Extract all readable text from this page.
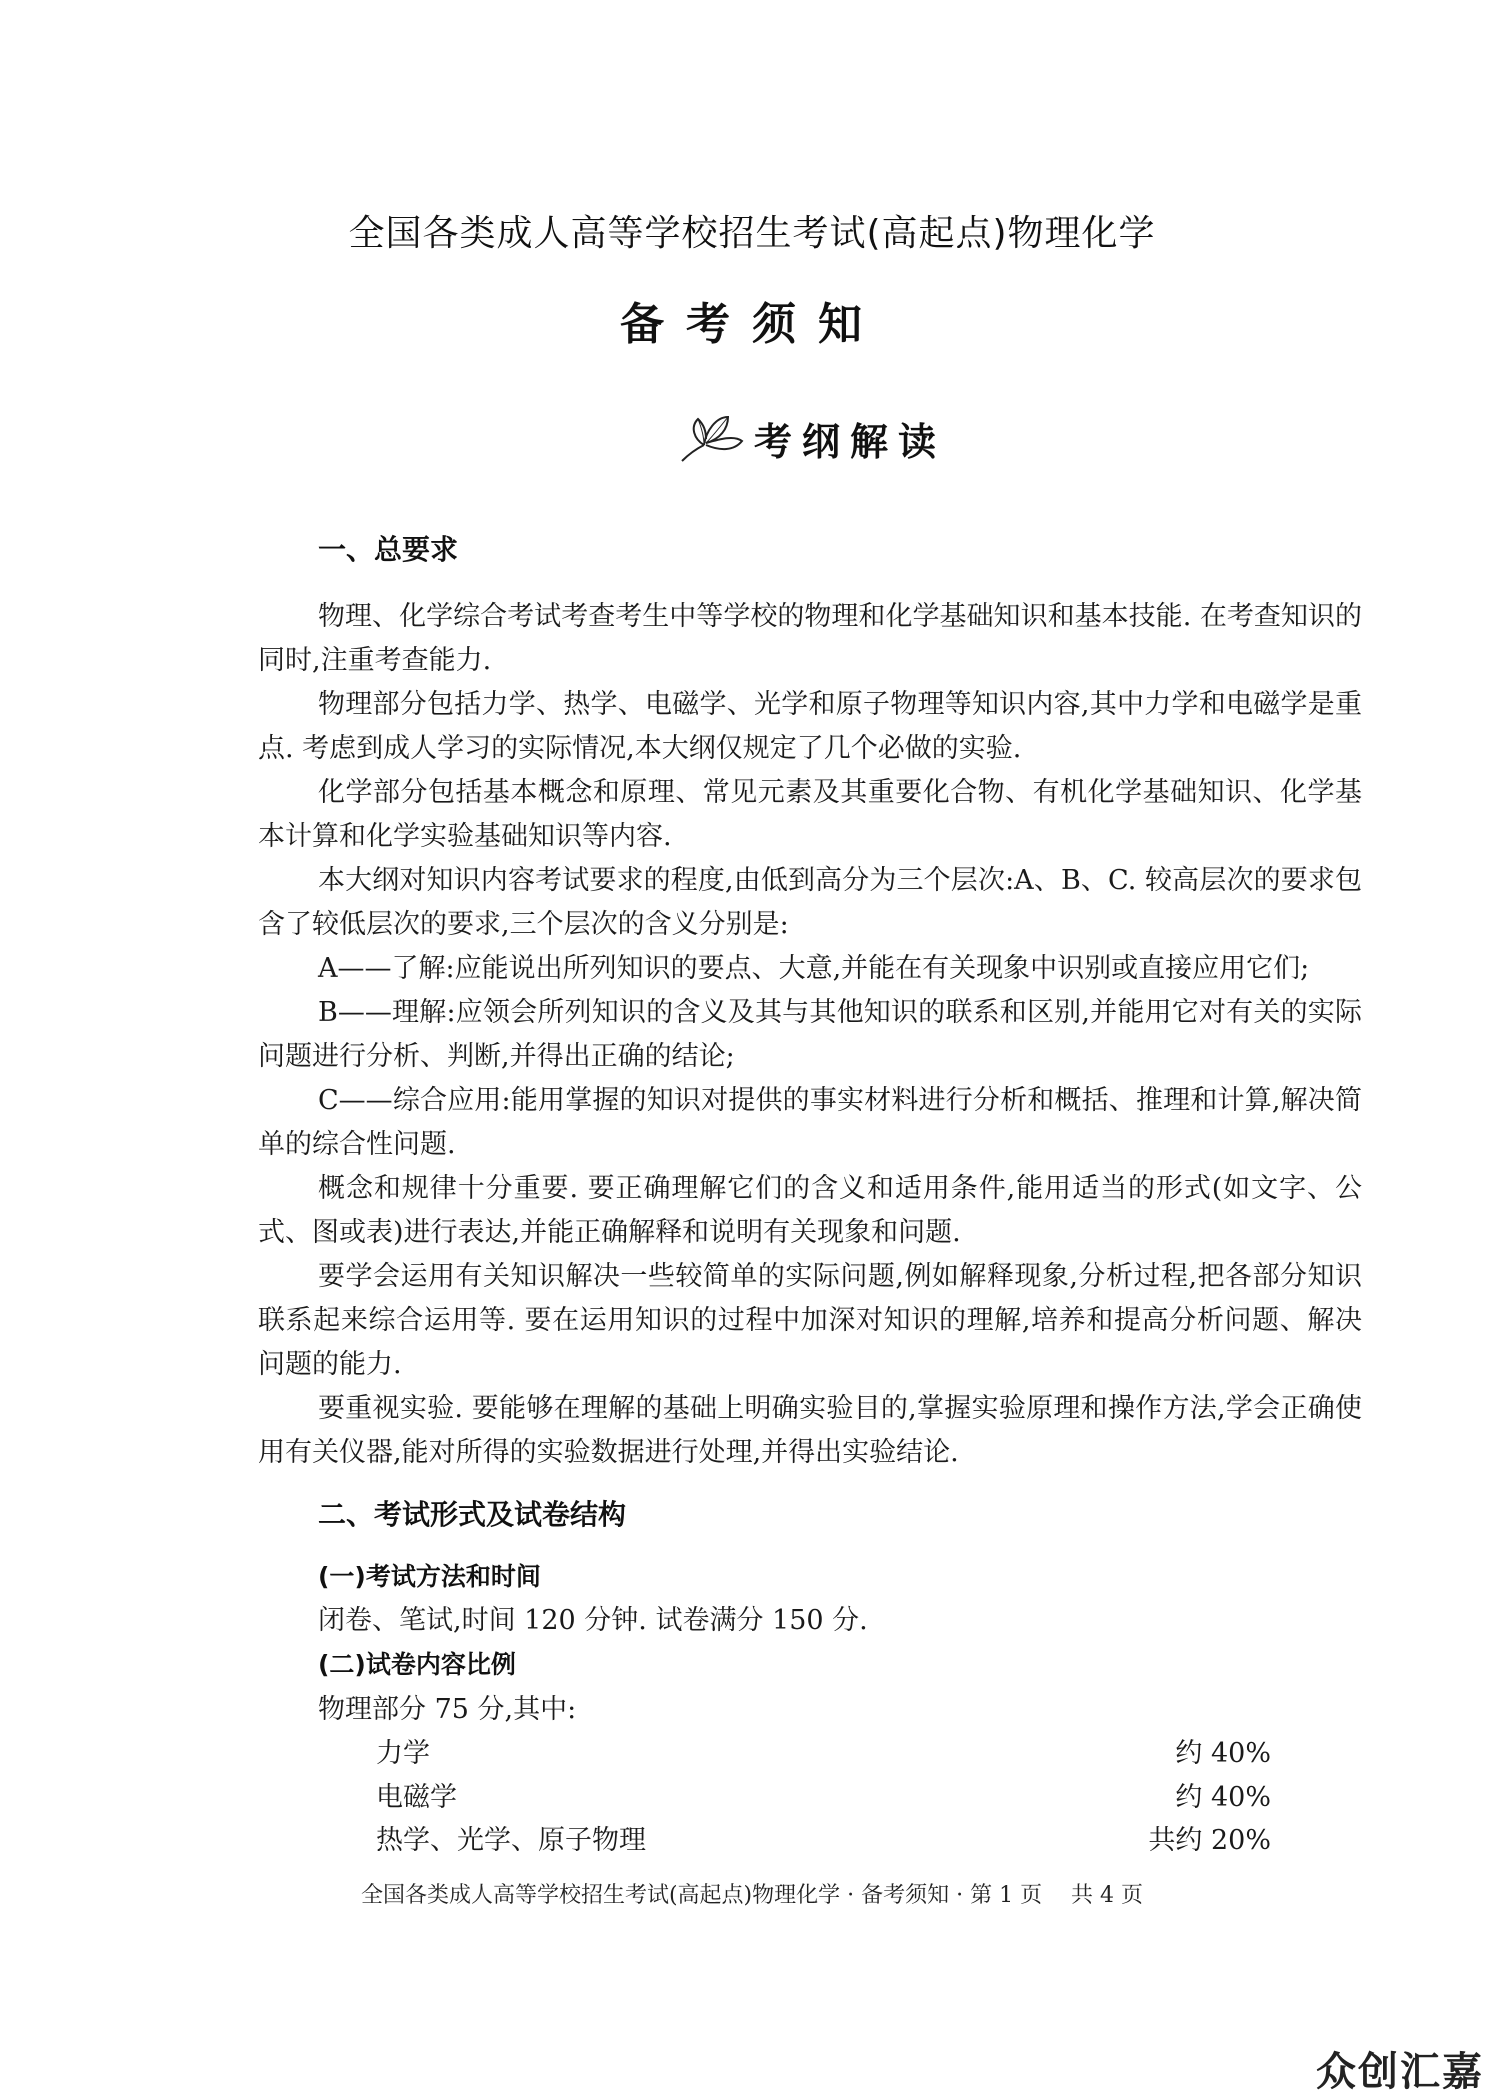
全国各类成人高等学校招生考试(高起点)物理化学
备考须知
考纲解读
一、总要求
物理、化学综合考试考查考生中等学校的物理和化学基础知识和基本技能. 在考查知识的同时,注重考查能力.
物理部分包括力学、热学、电磁学、光学和原子物理等知识内容,其中力学和电磁学是重点. 考虑到成人学习的实际情况,本大纲仅规定了几个必做的实验.
化学部分包括基本概念和原理、常见元素及其重要化合物、有机化学基础知识、化学基本计算和化学实验基础知识等内容.
本大纲对知识内容考试要求的程度,由低到高分为三个层次:A、B、C. 较高层次的要求包含了较低层次的要求,三个层次的含义分别是:
A——了解:应能说出所列知识的要点、大意,并能在有关现象中识别或直接应用它们;
B——理解:应领会所列知识的含义及其与其他知识的联系和区别,并能用它对有关的实际问题进行分析、判断,并得出正确的结论;
C——综合应用:能用掌握的知识对提供的事实材料进行分析和概括、推理和计算,解决简单的综合性问题.
概念和规律十分重要. 要正确理解它们的含义和适用条件,能用适当的形式(如文字、公式、图或表)进行表达,并能正确解释和说明有关现象和问题.
要学会运用有关知识解决一些较简单的实际问题,例如解释现象,分析过程,把各部分知识联系起来综合运用等. 要在运用知识的过程中加深对知识的理解,培养和提高分析问题、解决问题的能力.
要重视实验. 要能够在理解的基础上明确实验目的,掌握实验原理和操作方法,学会正确使用有关仪器,能对所得的实验数据进行处理,并得出实验结论.
二、考试形式及试卷结构
(一)考试方法和时间
闭卷、笔试,时间 120 分钟. 试卷满分 150 分.
(二)试卷内容比例
物理部分 75 分,其中:
力学	约 40%
电磁学	约 40%
热学、光学、原子物理	共约 20%
全国各类成人高等学校招生考试(高起点)物理化学 · 备考须知 · 第 1 页　 共 4 页
众创汇嘉
